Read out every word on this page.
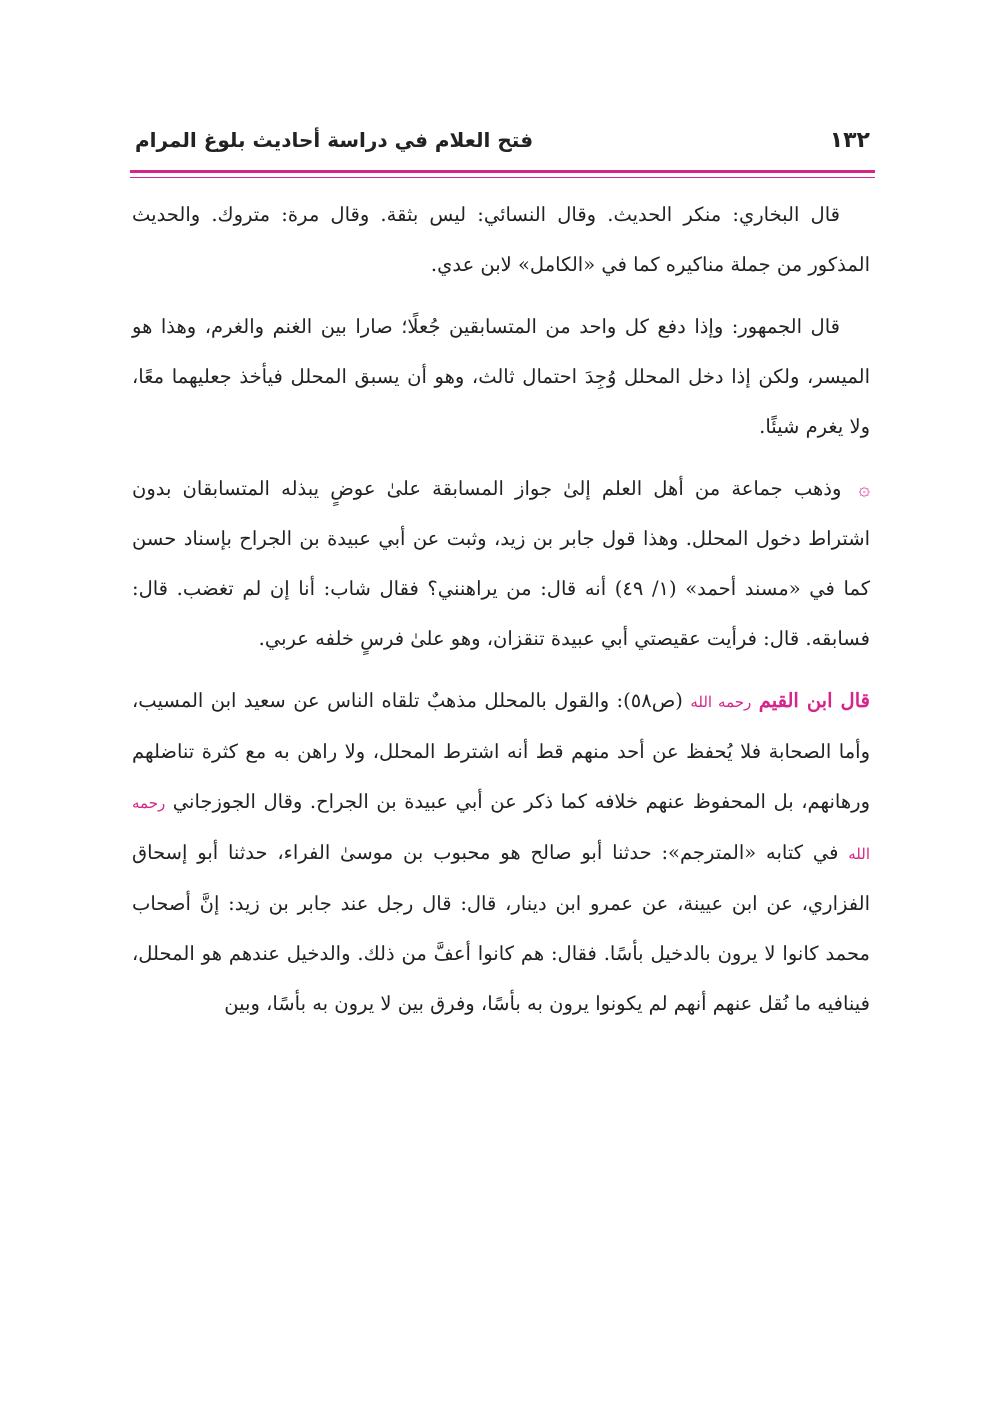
١٣٢
فتح العلام في دراسة أحاديث بلوغ المرام

قال البخاري: منكر الحديث. وقال النسائي: ليس بثقة. وقال مرة: متروك. والحديث المذكور من جملة مناكيره كما في «الكامل» لابن عدي.

قال الجمهور: وإذا دفع كل واحد من المتسابقين جُعلًا؛ صارا بين الغنم والغرم، وهذا هو الميسر، ولكن إذا دخل المحلل وُجِدَ احتمال ثالث، وهو أن يسبق المحلل فيأخذ جعليهما معًا، ولا يغرم شيئًا.

۞ وذهب جماعة من أهل العلم إلىٰ جواز المسابقة علىٰ عوضٍ يبذله المتسابقان بدون اشتراط دخول المحلل. وهذا قول جابر بن زيد، وثبت عن أبي عبيدة بن الجراح بإسناد حسن كما في «مسند أحمد» (١/ ٤٩) أنه قال: من يراهنني؟ فقال شاب: أنا إن لم تغضب. قال: فسابقه. قال: فرأيت عقيصتي أبي عبيدة تنقزان، وهو علىٰ فرسٍ خلفه عربي.

قال ابن القيم رحمه الله (ص٥٨): والقول بالمحلل مذهبٌ تلقاه الناس عن سعيد ابن المسيب، وأما الصحابة فلا يُحفظ عن أحد منهم قط أنه اشترط المحلل، ولا راهن به مع كثرة تناضلهم ورهانهم، بل المحفوظ عنهم خلافه كما ذكر عن أبي عبيدة بن الجراح. وقال الجوزجاني رحمه الله في كتابه «المترجم»: حدثنا أبو صالح هو محبوب بن موسىٰ الفراء، حدثنا أبو إسحاق الفزاري، عن ابن عيينة، عن عمرو ابن دينار، قال: قال رجل عند جابر بن زيد: إنَّ أصحاب محمد كانوا لا يرون بالدخيل بأسًا. فقال: هم كانوا أعفَّ من ذلك. والدخيل عندهم هو المحلل، فينافيه ما نُقل عنهم أنهم لم يكونوا يرون به بأسًا، وفرق بين لا يرون به بأسًا، وبين
